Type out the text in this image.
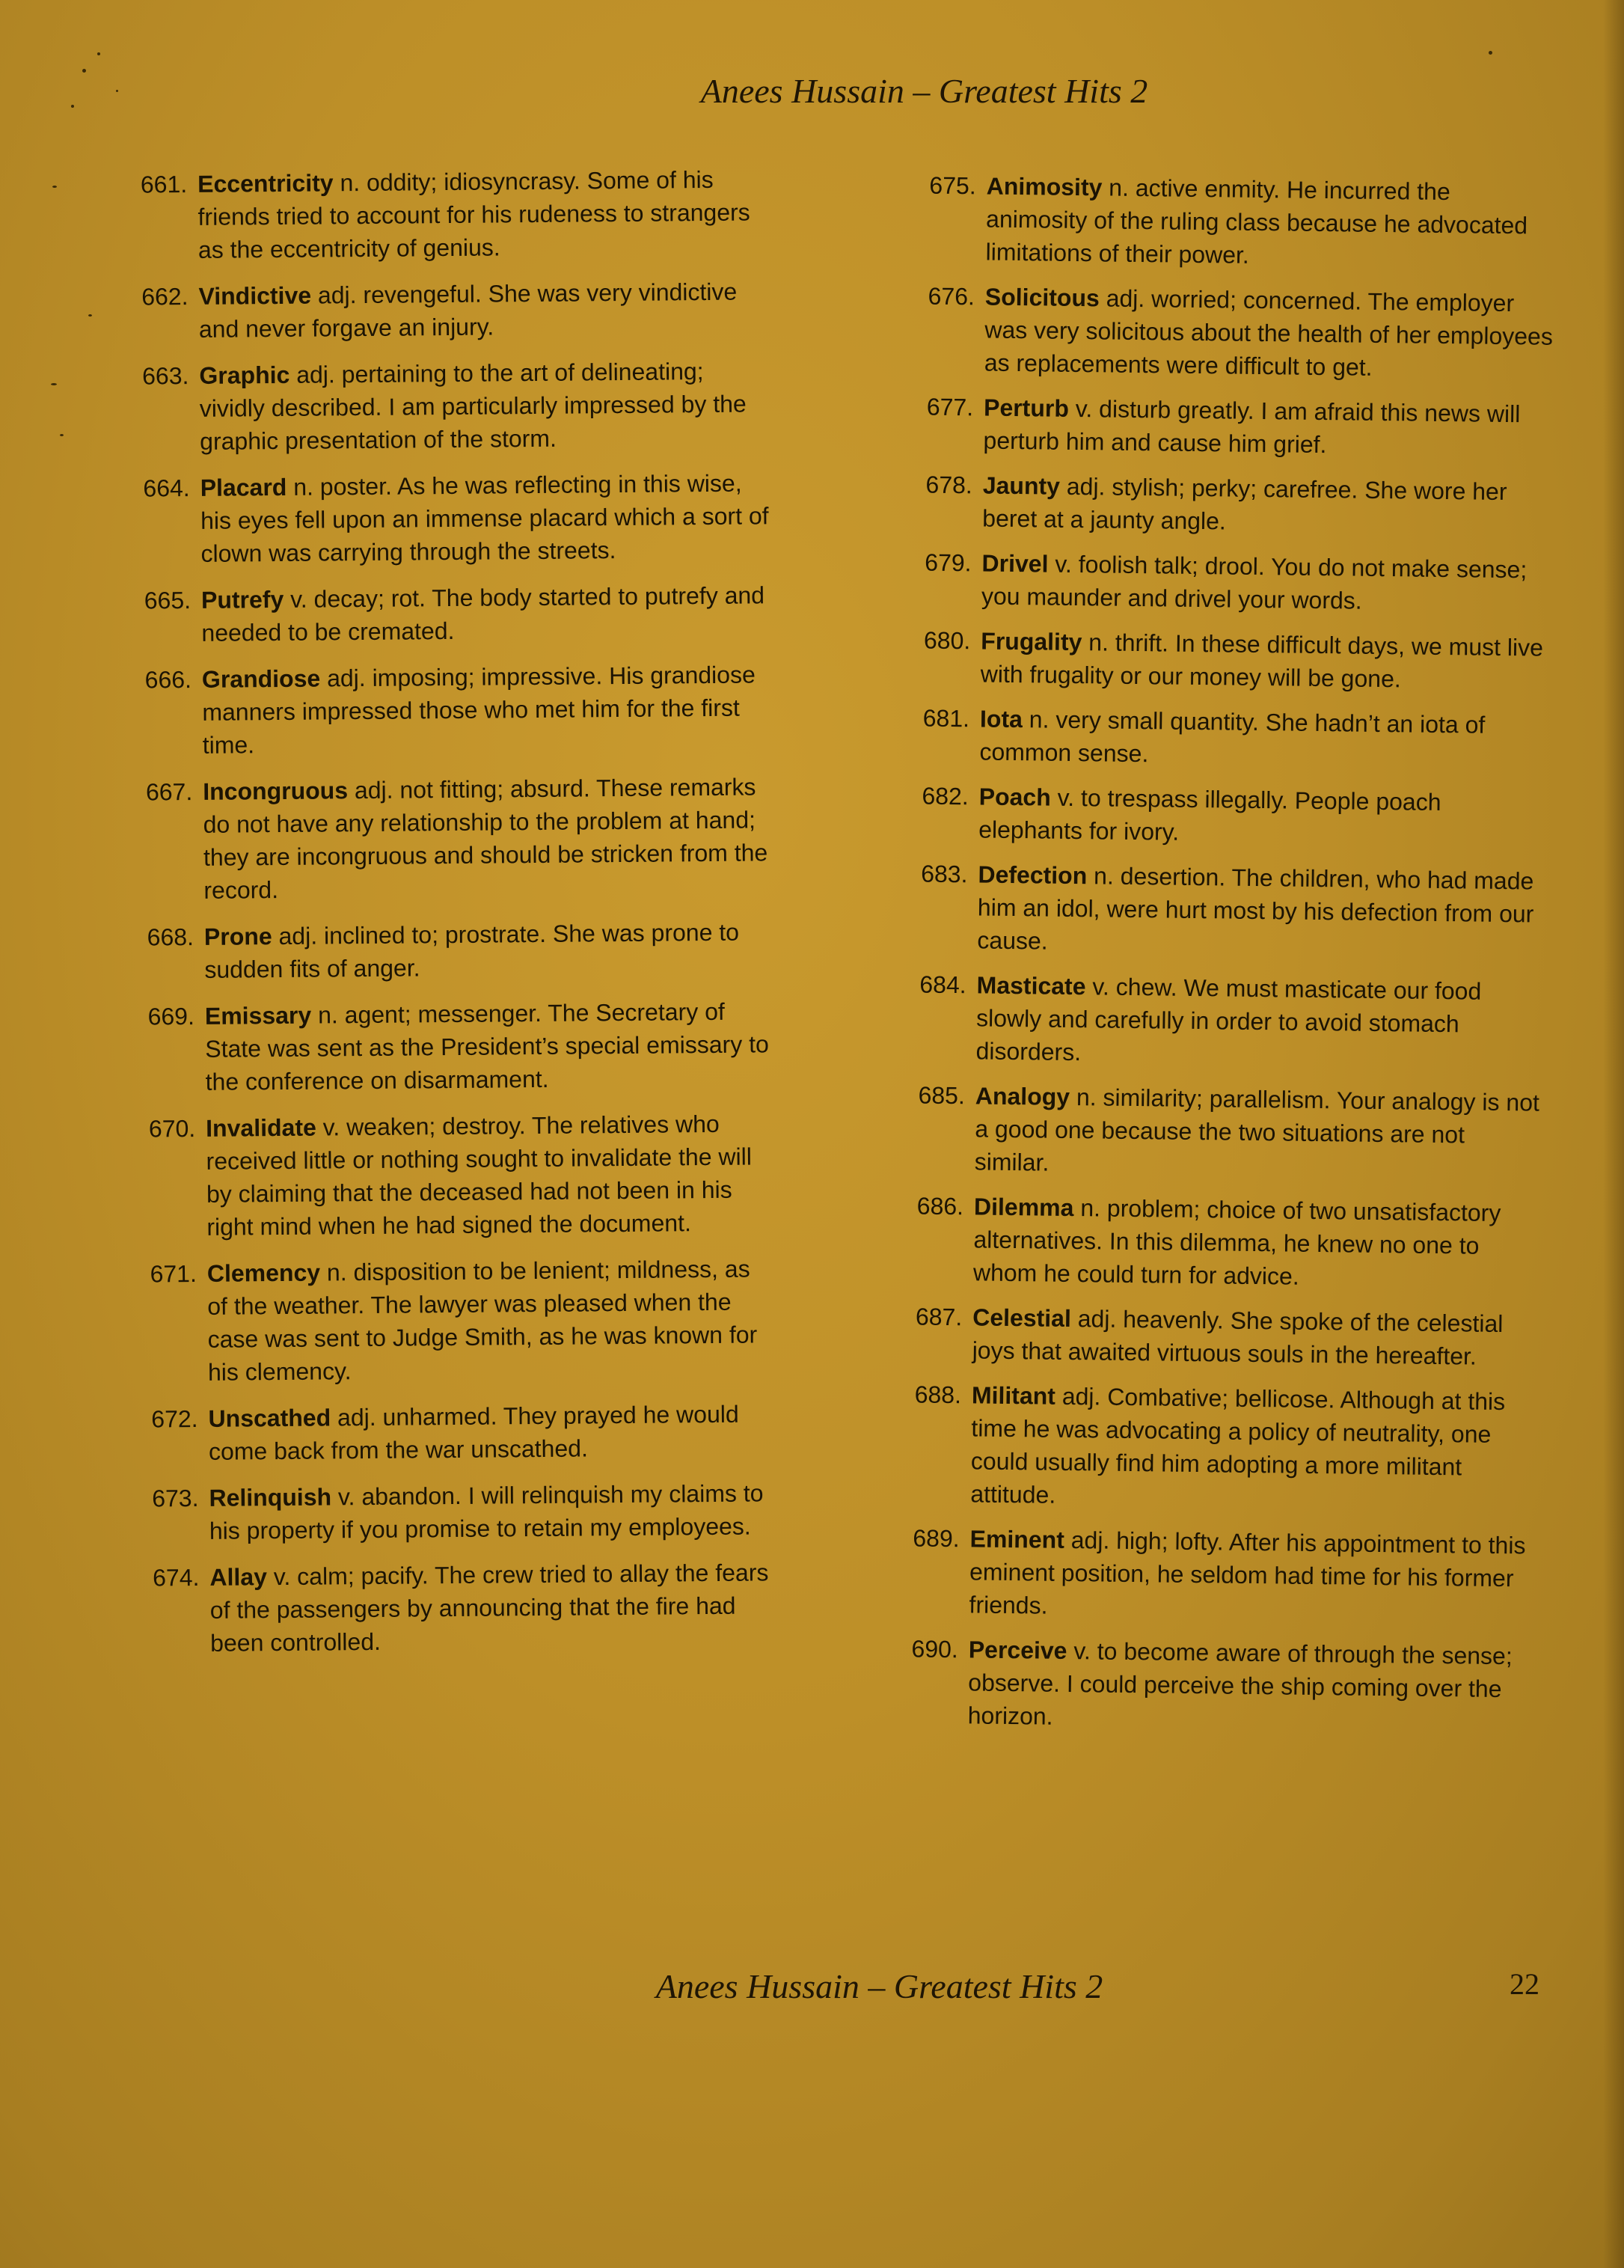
Anees Hussain – Greatest Hits 2
661. Eccentricity n. oddity; idiosyncrasy. Some of his friends tried to account for his rudeness to strangers as the eccentricity of genius.
662. Vindictive adj. revengeful. She was very vindictive and never forgave an injury.
663. Graphic adj. pertaining to the art of delineating; vividly described. I am particularly impressed by the graphic presentation of the storm.
664. Placard n. poster. As he was reflecting in this wise, his eyes fell upon an immense placard which a sort of clown was carrying through the streets.
665. Putrefy v. decay; rot. The body started to putrefy and needed to be cremated.
666. Grandiose adj. imposing; impressive. His grandiose manners impressed those who met him for the first time.
667. Incongruous adj. not fitting; absurd. These remarks do not have any relationship to the problem at hand; they are incongruous and should be stricken from the record.
668. Prone adj. inclined to; prostrate. She was prone to sudden fits of anger.
669. Emissary n. agent; messenger. The Secretary of State was sent as the President’s special emissary to the conference on disarmament.
670. Invalidate v. weaken; destroy. The relatives who received little or nothing sought to invalidate the will by claiming that the deceased had not been in his right mind when he had signed the document.
671. Clemency n. disposition to be lenient; mildness, as of the weather. The lawyer was pleased when the case was sent to Judge Smith, as he was known for his clemency.
672. Unscathed adj. unharmed. They prayed he would come back from the war unscathed.
673. Relinquish v. abandon. I will relinquish my claims to his property if you promise to retain my employees.
674. Allay v. calm; pacify. The crew tried to allay the fears of the passengers by announcing that the fire had been controlled.
675. Animosity n. active enmity. He incurred the animosity of the ruling class because he advocated limitations of their power.
676. Solicitous adj. worried; concerned. The employer was very solicitous about the health of her employees as replacements were difficult to get.
677. Perturb v. disturb greatly. I am afraid this news will perturb him and cause him grief.
678. Jaunty adj. stylish; perky; carefree. She wore her beret at a jaunty angle.
679. Drivel v. foolish talk; drool. You do not make sense; you maunder and drivel your words.
680. Frugality n. thrift. In these difficult days, we must live with frugality or our money will be gone.
681. Iota n. very small quantity. She hadn’t an iota of common sense.
682. Poach v. to trespass illegally. People poach elephants for ivory.
683. Defection n. desertion. The children, who had made him an idol, were hurt most by his defection from our cause.
684. Masticate v. chew. We must masticate our food slowly and carefully in order to avoid stomach disorders.
685. Analogy n. similarity; parallelism. Your analogy is not a good one because the two situations are not similar.
686. Dilemma n. problem; choice of two unsatisfactory alternatives. In this dilemma, he knew no one to whom he could turn for advice.
687. Celestial adj. heavenly. She spoke of the celestial joys that awaited virtuous souls in the hereafter.
688. Militant adj. Combative; bellicose. Although at this time he was advocating a policy of neutrality, one could usually find him adopting a more militant attitude.
689. Eminent adj. high; lofty. After his appointment to this eminent position, he seldom had time for his former friends.
690. Perceive v. to become aware of through the sense; observe. I could perceive the ship coming over the horizon.
Anees Hussain – Greatest Hits 2	22
